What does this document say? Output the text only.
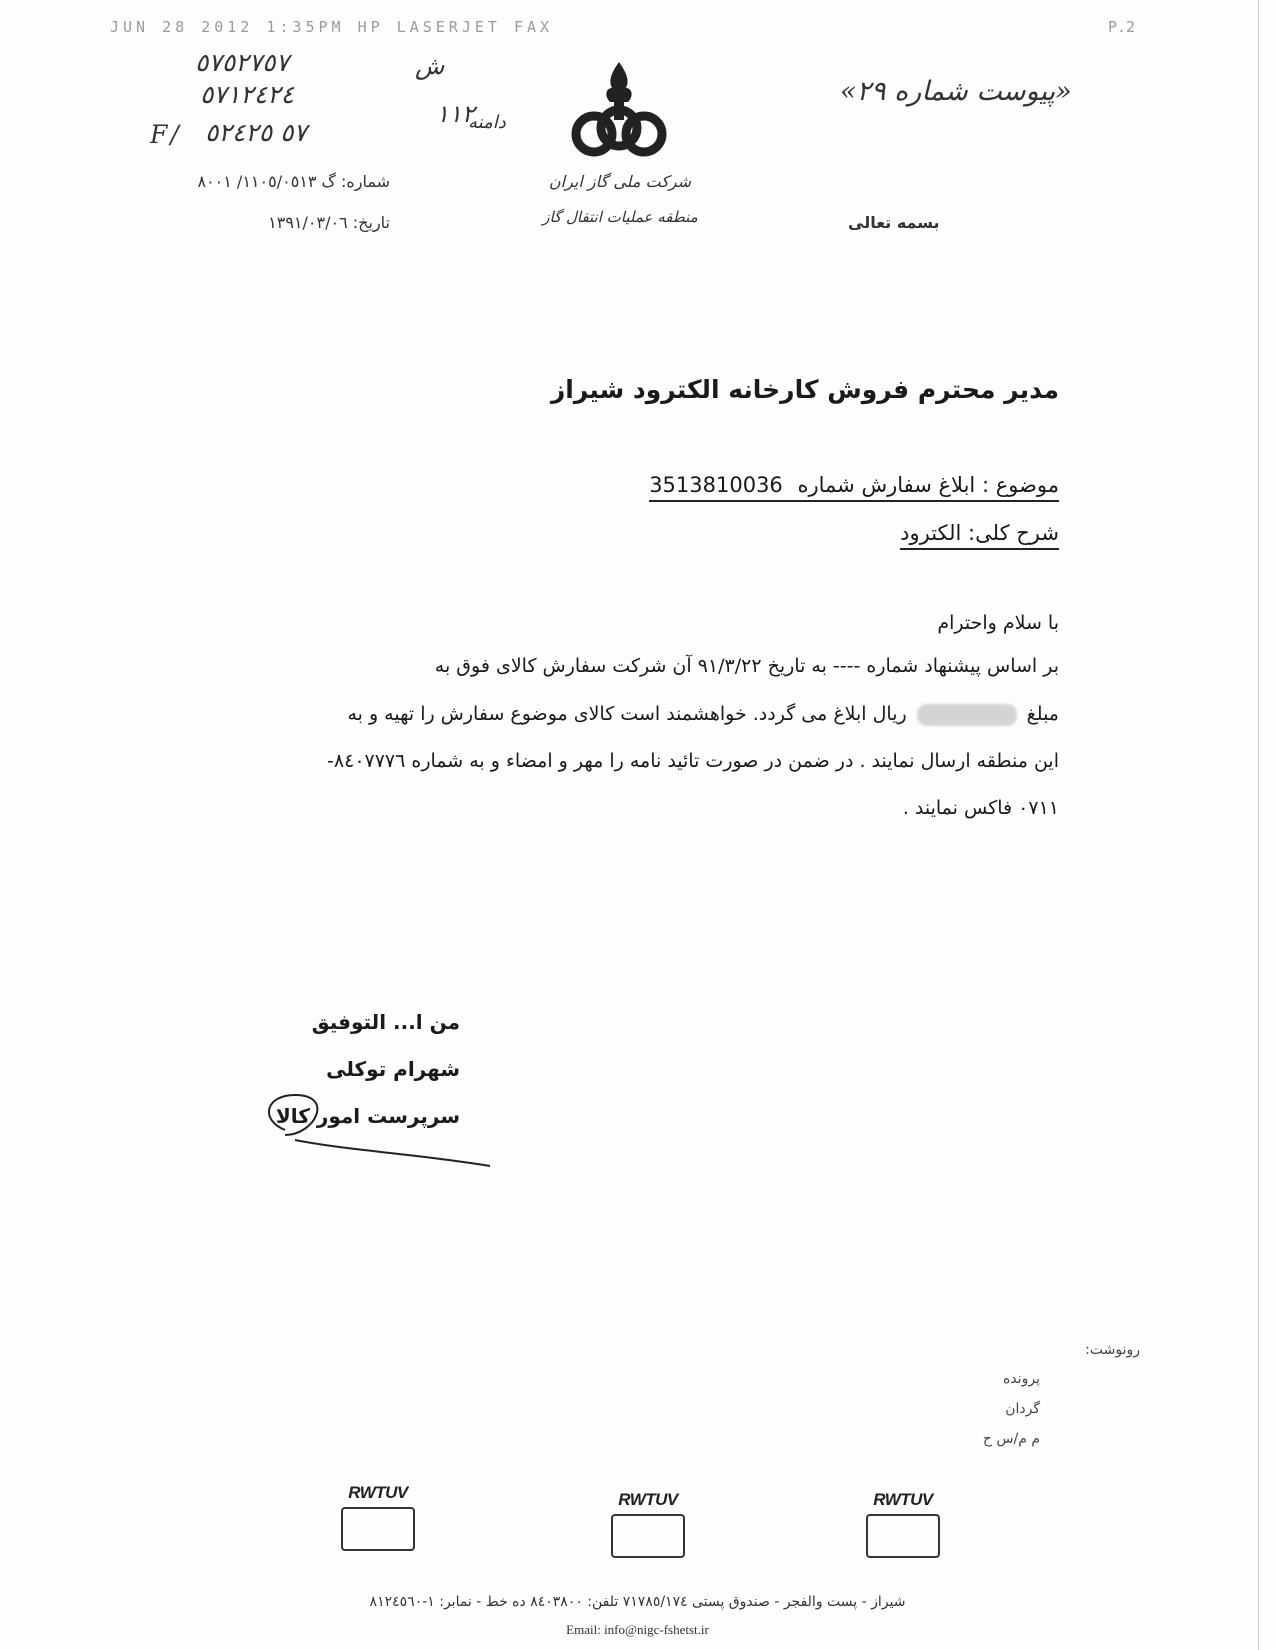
JUN 28 2012 1:35PM HP LASERJET FAX	P.2
٥٧٥٢٧٥٧
٥٧١٢٤٢٤
F/ ٥٧ ٥٢٤٢٥
ش
١١٢
دامنه
«پیوست شماره ٢٩»
شماره: گ ١١٠٥/٠٥١٣/ ٨٠٠١
تاریخ: ١٣٩١/٠٣/٠٦	بسمه تعالی
شرکت ملی گاز ایران
منطقه عملیات انتقال گاز
مدیر محترم فروش کارخانه الکترود شیراز
موضوع : ابلاغ سفارش شماره 3513810036
شرح کلی: الکترود
با سلام واحترام
بر اساس پیشنهاد شماره ---- به تاریخ ٩١/٣/٢٢ آن شرکت سفارش کالای فوق به
مبلغریال ابلاغ می گردد. خواهشمند است کالای موضوع سفارش را تهیه و به
این منطقه ارسال نمایند . در ضمن در صورت تائید نامه را مهر و امضاء و به شماره ٨٤٠٧٧٧٦-
٠٧١١ فاکس نمایند .
من ا... التوفیق
شهرام توکلی
سرپرست امور کالا
رونوشت:
پرونده
گردان
م م/س ح
RWTUV	RWTUV	RWTUV
شیراز - پست والفجر - صندوق پستی ٧١٧٨٥/١٧٤ تلفن: ٨٤٠٣٨٠٠ ده خط - نمابر: ١-٨١٢٤٥٦٠
Email: info@nigc-fshetst.ir
